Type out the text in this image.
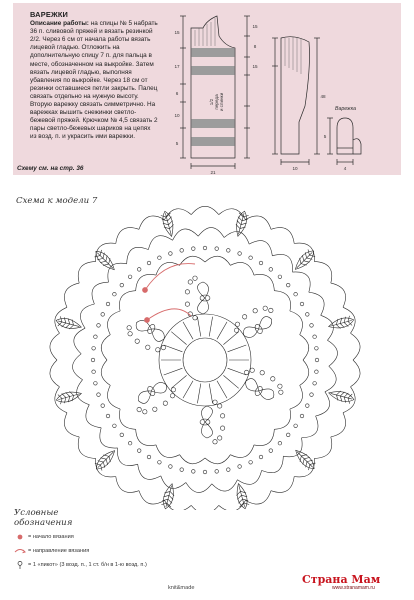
ВАРЕЖКИ
Описание работы: на спицы № 5 набрать 36 п. сливовой пряжей и вязать резинкой 2/2. Через 6 см от начала работы вязать лицевой гладью. Отложить на дополнительную спицу 7 п. для пальца в месте, обозначенном на выкройке. Затем вязать лицевой гладью, выполняя убавления по выкройке. Через 18 см от резинки оставшиеся петли закрыть. Палец связать отдельно на нужную высоту. Вторую варежку связать симметрично. На варежках вышить снежинки светло-бежевой пряжей. Крючком № 4,5 связать 2 пары светло-бежевых шариков на цепях из возд. п. и украсить ими варежки.
1/2 переда и спинки	Варежка
15
17
6
10
5
8
21
10
15
15
48
5
4
Схему см. на стр. 36
Схема к модели 7
Условные обозначения
= начало вязания
= направление вязания
= 1 «пикот» (3 возд. п., 1 ст. б/н в 1-ю возд. п.)
knit&made
Страна Мам
www.stranamam.ru
